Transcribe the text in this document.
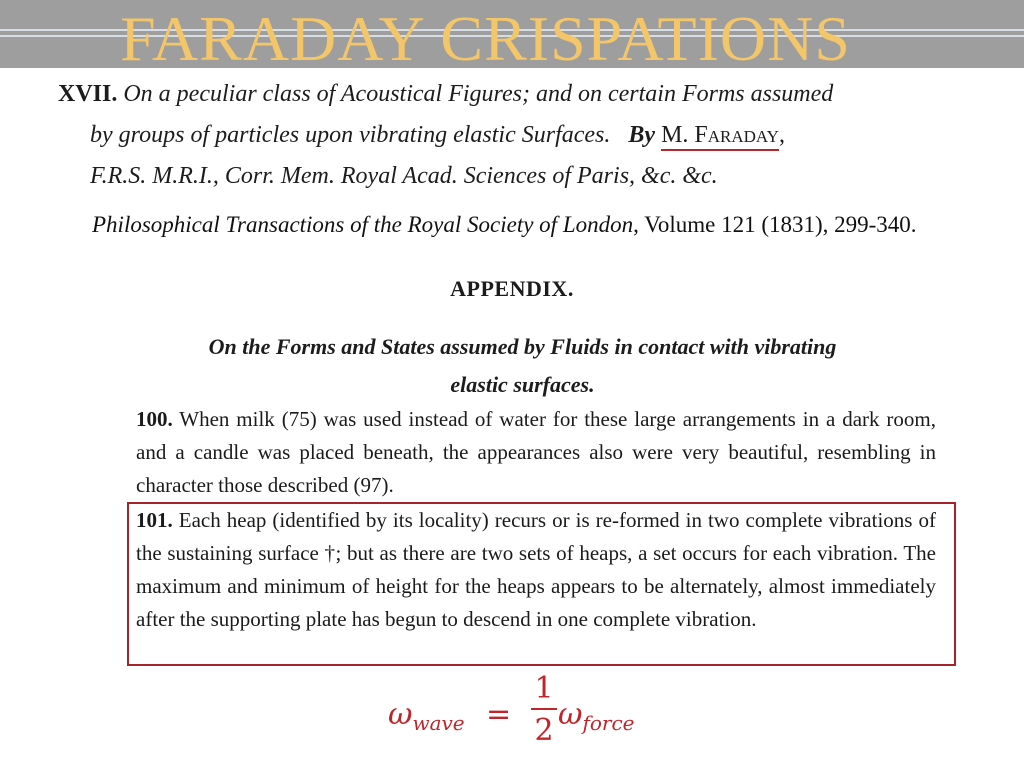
FARADAY CRISPATIONS
XVII. On a peculiar class of Acoustical Figures; and on certain Forms assumed
by groups of particles upon vibrating elastic Surfaces. By M. Faraday,
F.R.S. M.R.I., Corr. Mem. Royal Acad. Sciences of Paris, &c. &c.
Philosophical Transactions of the Royal Society of London, Volume 121 (1831), 299-340.
APPENDIX.
On the Forms and States assumed by Fluids in contact with vibrating
elastic surfaces.
100. When milk (75) was used instead of water for these large arrangements in a dark room, and a candle was placed beneath, the appearances also were very beautiful, resembling in character those described (97).
101. Each heap (identified by its locality) recurs or is re-formed in two complete vibrations of the sustaining surface †; but as there are two sets of heaps, a set occurs for each vibration. The maximum and minimum of height for the heaps appears to be alternately, almost immediately after the supporting plate has begun to descend in one complete vibration.

$\omega_{wave}$ =
1
2 $\omega_{force}$
